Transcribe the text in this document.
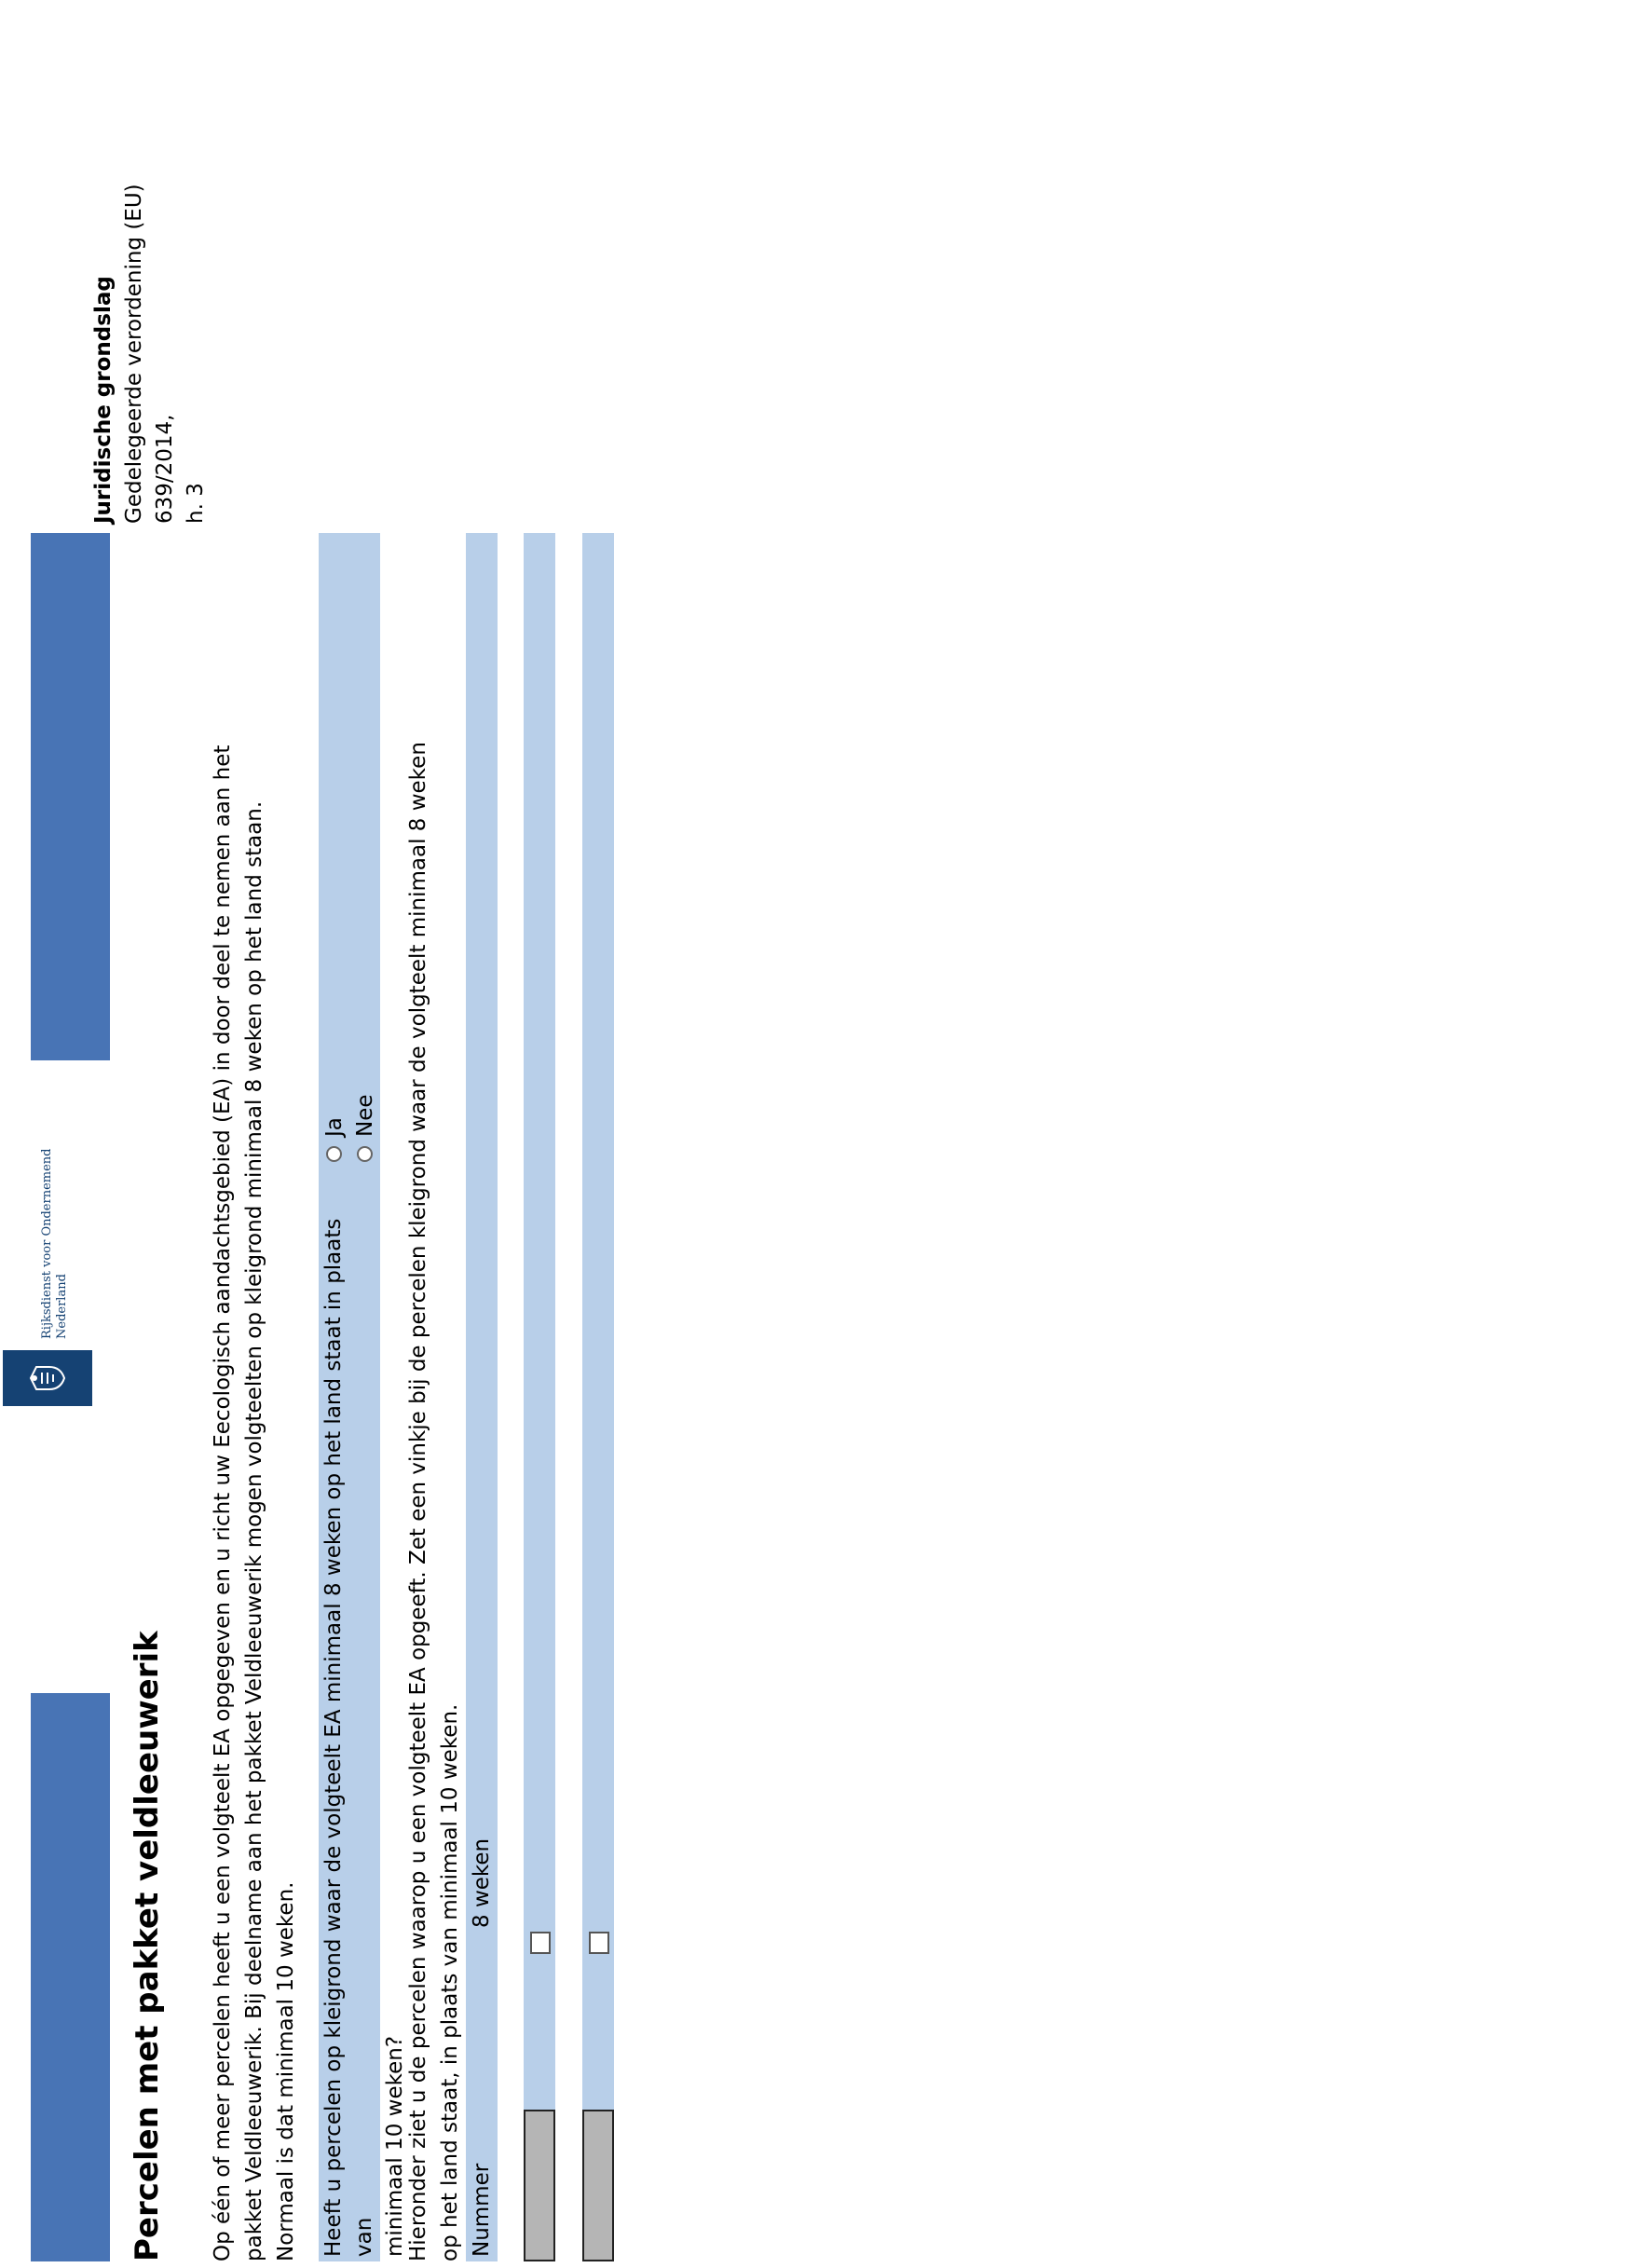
Rijksdienst voor Ondernemend Nederland
Percelen met pakket veldleeuwerik Op één of meer percelen heeft u een volgteelt EA opgegeven en u richt uw Eecologisch aandachtsgebied (EA) in door deel te nemen aan het pakket Veldleeuwerik. Bij deelname aan het pakket Veldleeuwerik mogen volgteelten op kleigrond minimaal 8 weken op het land staan. Normaal is dat minimaal 10 weken. Heeft u percelen op kleigrond waar de volgteelt EA minimaal 8 weken op het land staat in plaats van minimaal 10 weken?
Ja Nee Hieronder ziet u de percelen waarop u een volgteelt EA opgeeft. Zet een vinkje bij de percelen kleigrond waar de volgteelt minimaal 8 weken op het land staat, in plaats van minimaal 10 weken. Nummer
8 weken
Juridische grondslag Gedelegeerde verordening (EU) 639/2014, h. 3
